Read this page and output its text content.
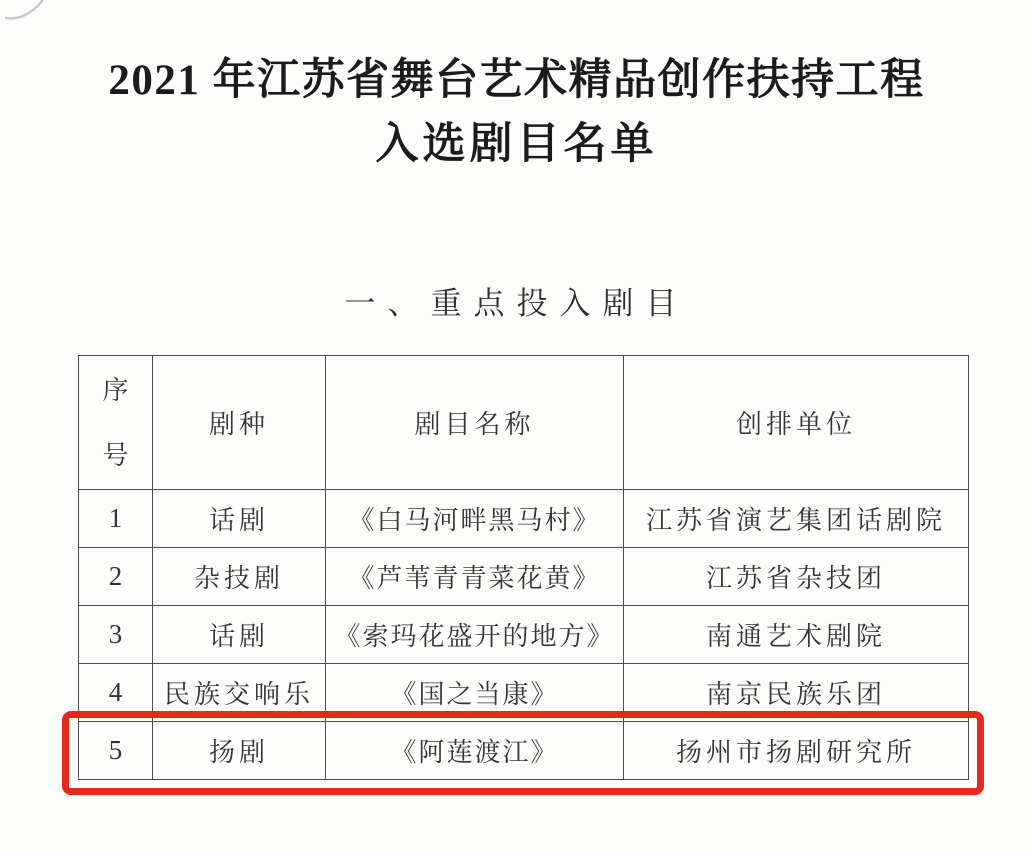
2021 年江苏省舞台艺术精品创作扶持工程
入选剧目名单
一、重点投入剧目
序号	剧种	剧目名称	创排单位
1	话剧	《白马河畔黑马村》	江苏省演艺集团话剧院
2	杂技剧	《芦苇青青菜花黄》	江苏省杂技团
3	话剧	《索玛花盛开的地方》	南通艺术剧院
4	民族交响乐	《国之当康》	南京民族乐团
5	扬剧	《阿莲渡江》	扬州市扬剧研究所
